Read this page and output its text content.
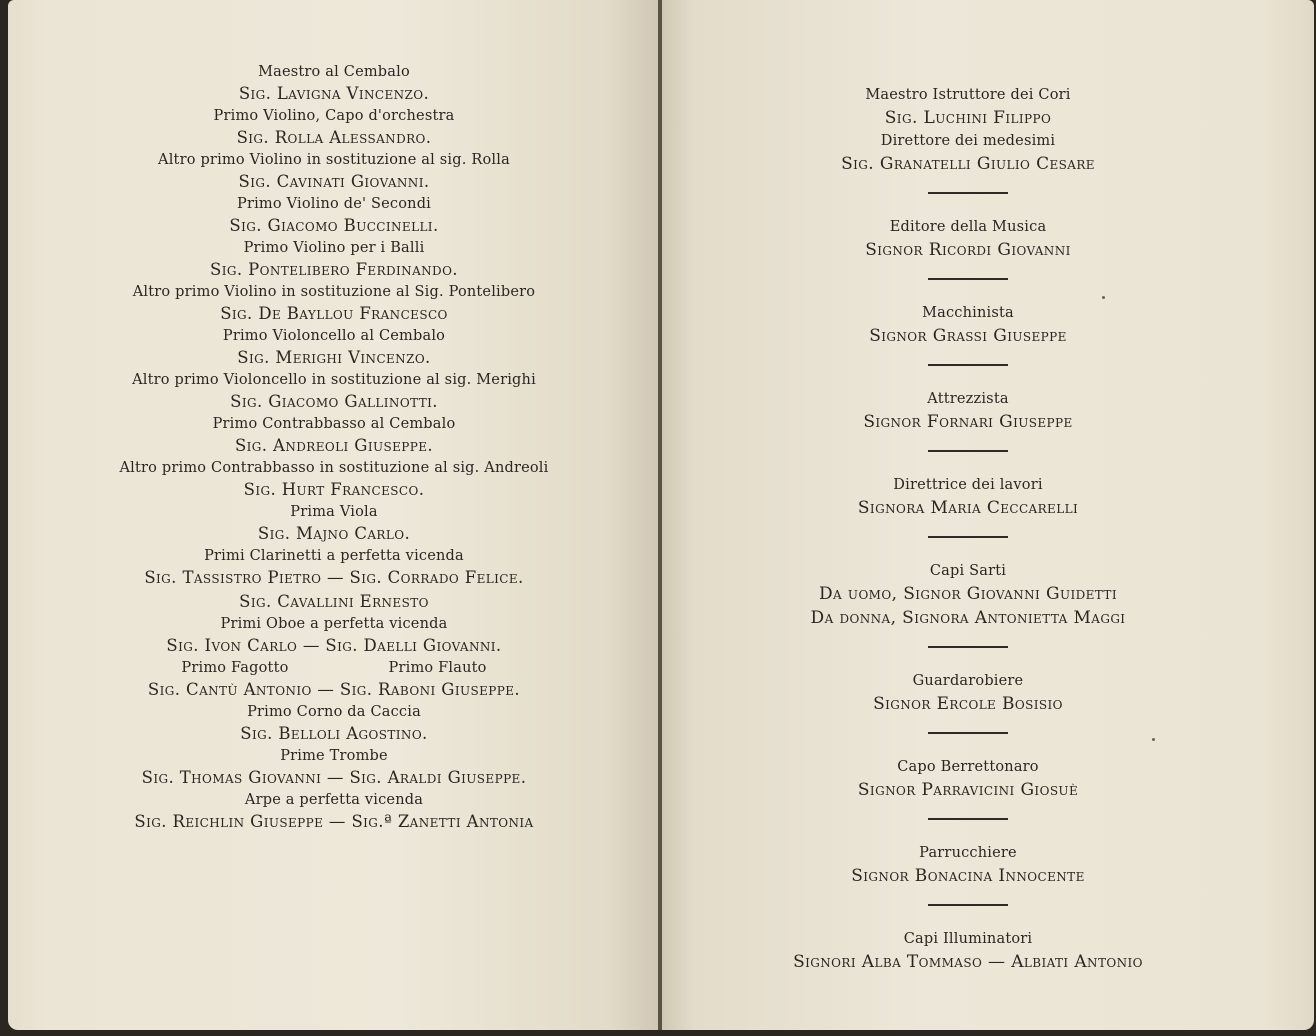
Maestro al Cembalo
Sig. Lavigna Vincenzo.
Primo Violino, Capo d'orchestra
Sig. Rolla Alessandro.
Altro primo Violino in sostituzione al sig. Rolla
Sig. Cavinati Giovanni.
Primo Violino de' Secondi
Sig. Giacomo Buccinelli.
Primo Violino per i Balli
Sig. Pontelibero Ferdinando.
Altro primo Violino in sostituzione al Sig. Pontelibero
Sig. De Bayllou Francesco
Primo Violoncello al Cembalo
Sig. Merighi Vincenzo.
Altro primo Violoncello in sostituzione al sig. Merighi
Sig. Giacomo Gallinotti.
Primo Contrabbasso al Cembalo
Sig. Andreoli Giuseppe.
Altro primo Contrabbasso in sostituzione al sig. Andreoli
Sig. Hurt Francesco.
Prima Viola
Sig. Majno Carlo.
Primi Clarinetti a perfetta vicenda
Sig. Tassistro Pietro — Sig. Corrado Felice.
Sig. Cavallini Ernesto
Primi Oboe a perfetta vicenda
Sig. Ivon Carlo — Sig. Daelli Giovanni.
Primo Fagotto	Primo Flauto
Sig. Cantù Antonio — Sig. Raboni Giuseppe.
Primo Corno da Caccia
Sig. Belloli Agostino.
Prime Trombe
Sig. Thomas Giovanni — Sig. Araldi Giuseppe.
Arpe a perfetta vicenda
Sig. Reichlin Giuseppe — Sig.ª Zanetti Antonia
Maestro Istruttore dei Cori
Sig. Luchini Filippo
Direttore dei medesimi
Sig. Granatelli Giulio Cesare
Editore della Musica
Signor Ricordi Giovanni
Macchinista
Signor Grassi Giuseppe
Attrezzista
Signor Fornari Giuseppe
Direttrice dei lavori
Signora Maria Ceccarelli
Capi Sarti
Da uomo, Signor Giovanni Guidetti
Da donna, Signora Antonietta Maggi
Guardarobiere
Signor Ercole Bosisio
Capo Berrettonaro
Signor Parravicini Giosuè
Parrucchiere
Signor Bonacina Innocente
Capi Illuminatori
Signori Alba Tommaso — Albiati Antonio
